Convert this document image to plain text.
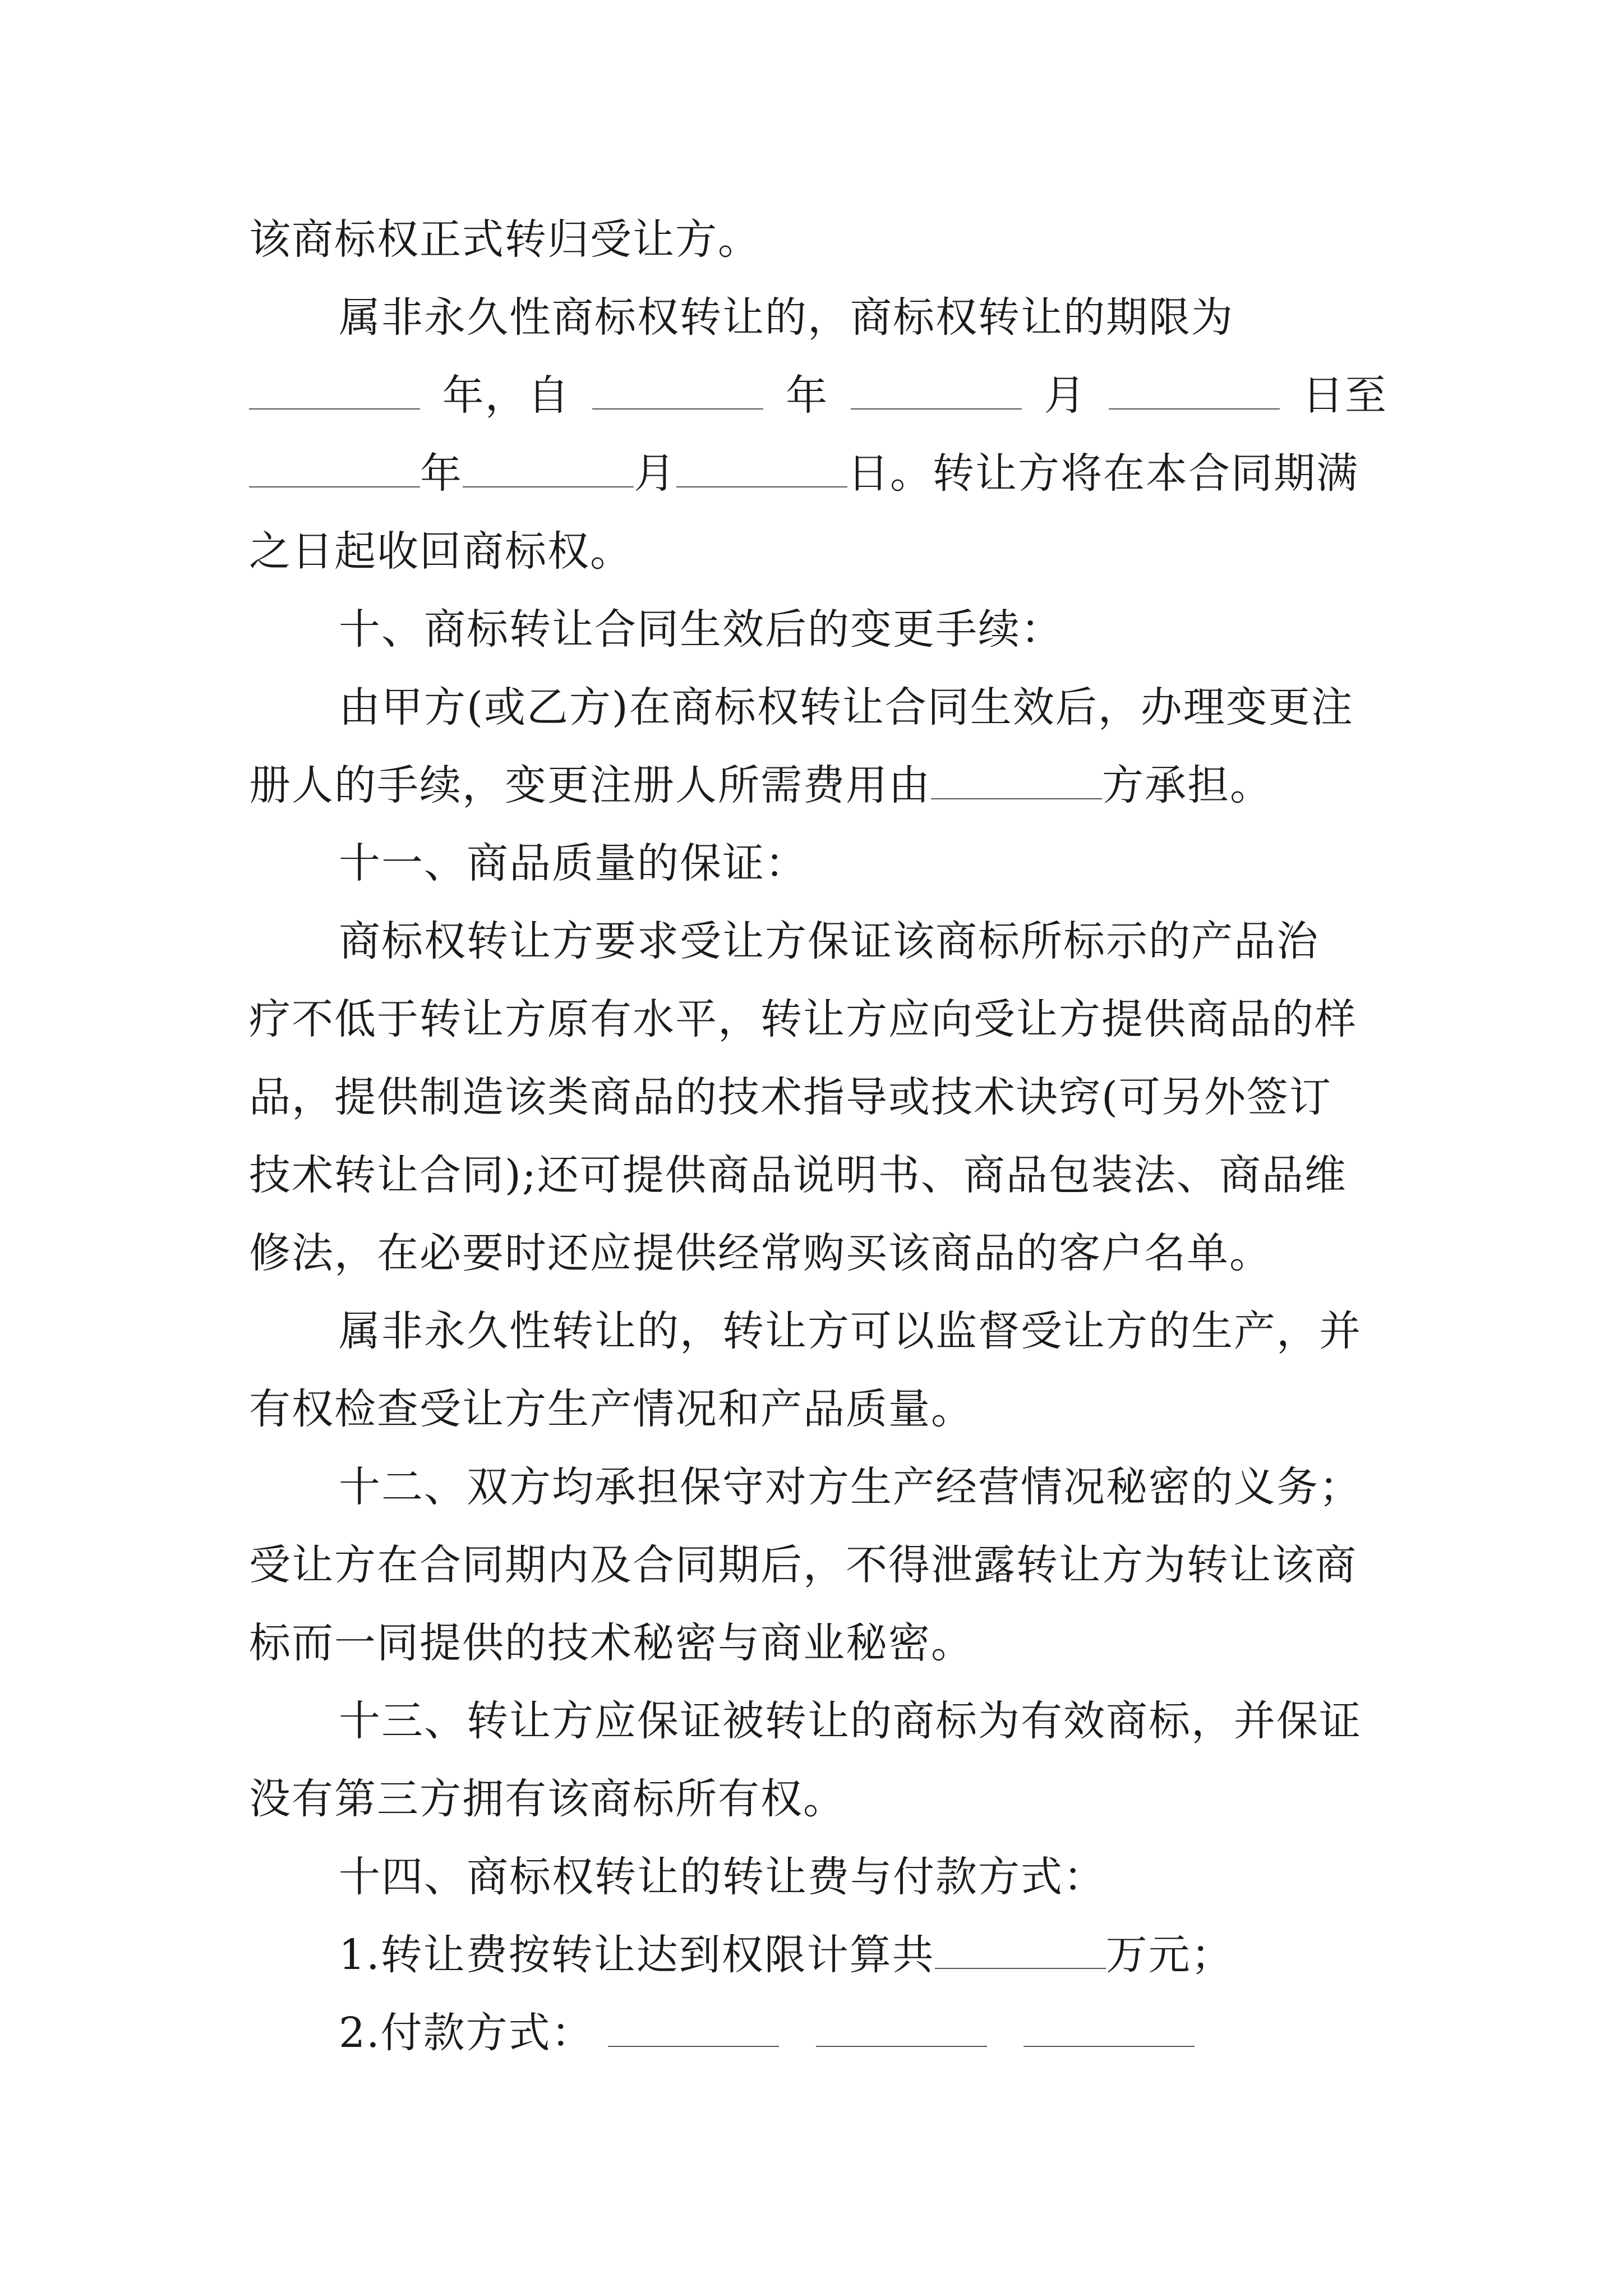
该商标权正式转归受让方。
属非永久性商标权转让的，商标权转让的期限为
年，自	年	月	日至
年	月	日。转让方将在本合同期满
之日起收回商标权。
十、商标转让合同生效后的变更手续：
由甲方(或乙方)在商标权转让合同生效后，办理变更注
册人的手续，变更注册人所需费用由	方承担。
十一、商品质量的保证：
商标权转让方要求受让方保证该商标所标示的产品治
疗不低于转让方原有水平，转让方应向受让方提供商品的样
品，提供制造该类商品的技术指导或技术诀窍(可另外签订
技术转让合同);还可提供商品说明书、商品包装法、商品维
修法，在必要时还应提供经常购买该商品的客户名单。
属非永久性转让的，转让方可以监督受让方的生产，并
有权检查受让方生产情况和产品质量。
十二、双方均承担保守对方生产经营情况秘密的义务；
受让方在合同期内及合同期后，不得泄露转让方为转让该商
标而一同提供的技术秘密与商业秘密。
十三、转让方应保证被转让的商标为有效商标，并保证
没有第三方拥有该商标所有权。
十四、商标权转让的转让费与付款方式：
1.转让费按转让达到权限计算共	万元；
2.付款方式：
